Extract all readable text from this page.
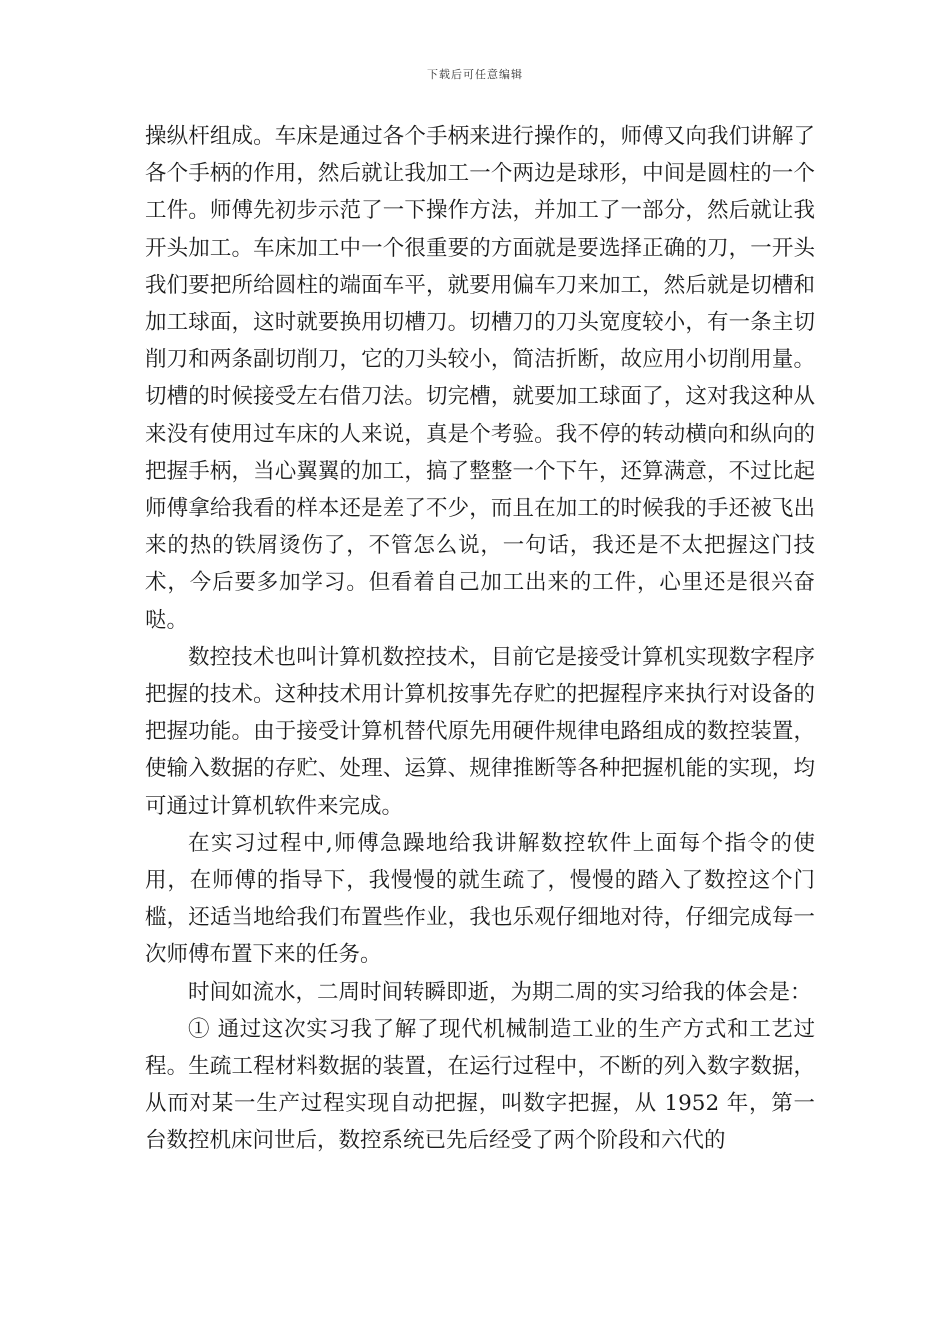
下载后可任意编辑

操纵杆组成。车床是通过各个手柄来进行操作的，师傅又向我们讲解了各个手柄的作用，然后就让我加工一个两边是球形，中间是圆柱的一个工件。师傅先初步示范了一下操作方法，并加工了一部分，然后就让我开头加工。车床加工中一个很重要的方面就是要选择正确的刀，一开头我们要把所给圆柱的端面车平，就要用偏车刀来加工，然后就是切槽和加工球面，这时就要换用切槽刀。切槽刀的刀头宽度较小，有一条主切削刀和两条副切削刀，它的刀头较小，简洁折断，故应用小切削用量。切槽的时候接受左右借刀法。切完槽，就要加工球面了，这对我这种从来没有使用过车床的人来说，真是个考验。我不停的转动横向和纵向的把握手柄，当心翼翼的加工，搞了整整一个下午，还算满意，不过比起师傅拿给我看的样本还是差了不少，而且在加工的时候我的手还被飞出来的热的铁屑烫伤了，不管怎么说，一句话，我还是不太把握这门技术，今后要多加学习。但看着自己加工出来的工件，心里还是很兴奋哒。

数控技术也叫计算机数控技术，目前它是接受计算机实现数字程序把握的技术。这种技术用计算机按事先存贮的把握程序来执行对设备的把握功能。由于接受计算机替代原先用硬件规律电路组成的数控装置，使输入数据的存贮、处理、运算、规律推断等各种把握机能的实现，均可通过计算机软件来完成。

在实习过程中,师傅急躁地给我讲解数控软件上面每个指令的使用，在师傅的指导下，我慢慢的就生疏了，慢慢的踏入了数控这个门槛，还适当地给我们布置些作业，我也乐观仔细地对待，仔细完成每一次师傅布置下来的任务。

时间如流水，二周时间转瞬即逝，为期二周的实习给我的体会是：

① 通过这次实习我了解了现代机械制造工业的生产方式和工艺过程。生疏工程材料数据的装置，在运行过程中，不断的列入数字数据，从而对某一生产过程实现自动把握，叫数字把握，从 1952 年，第一台数控机床问世后，数控系统已先后经受了两个阶段和六代的
